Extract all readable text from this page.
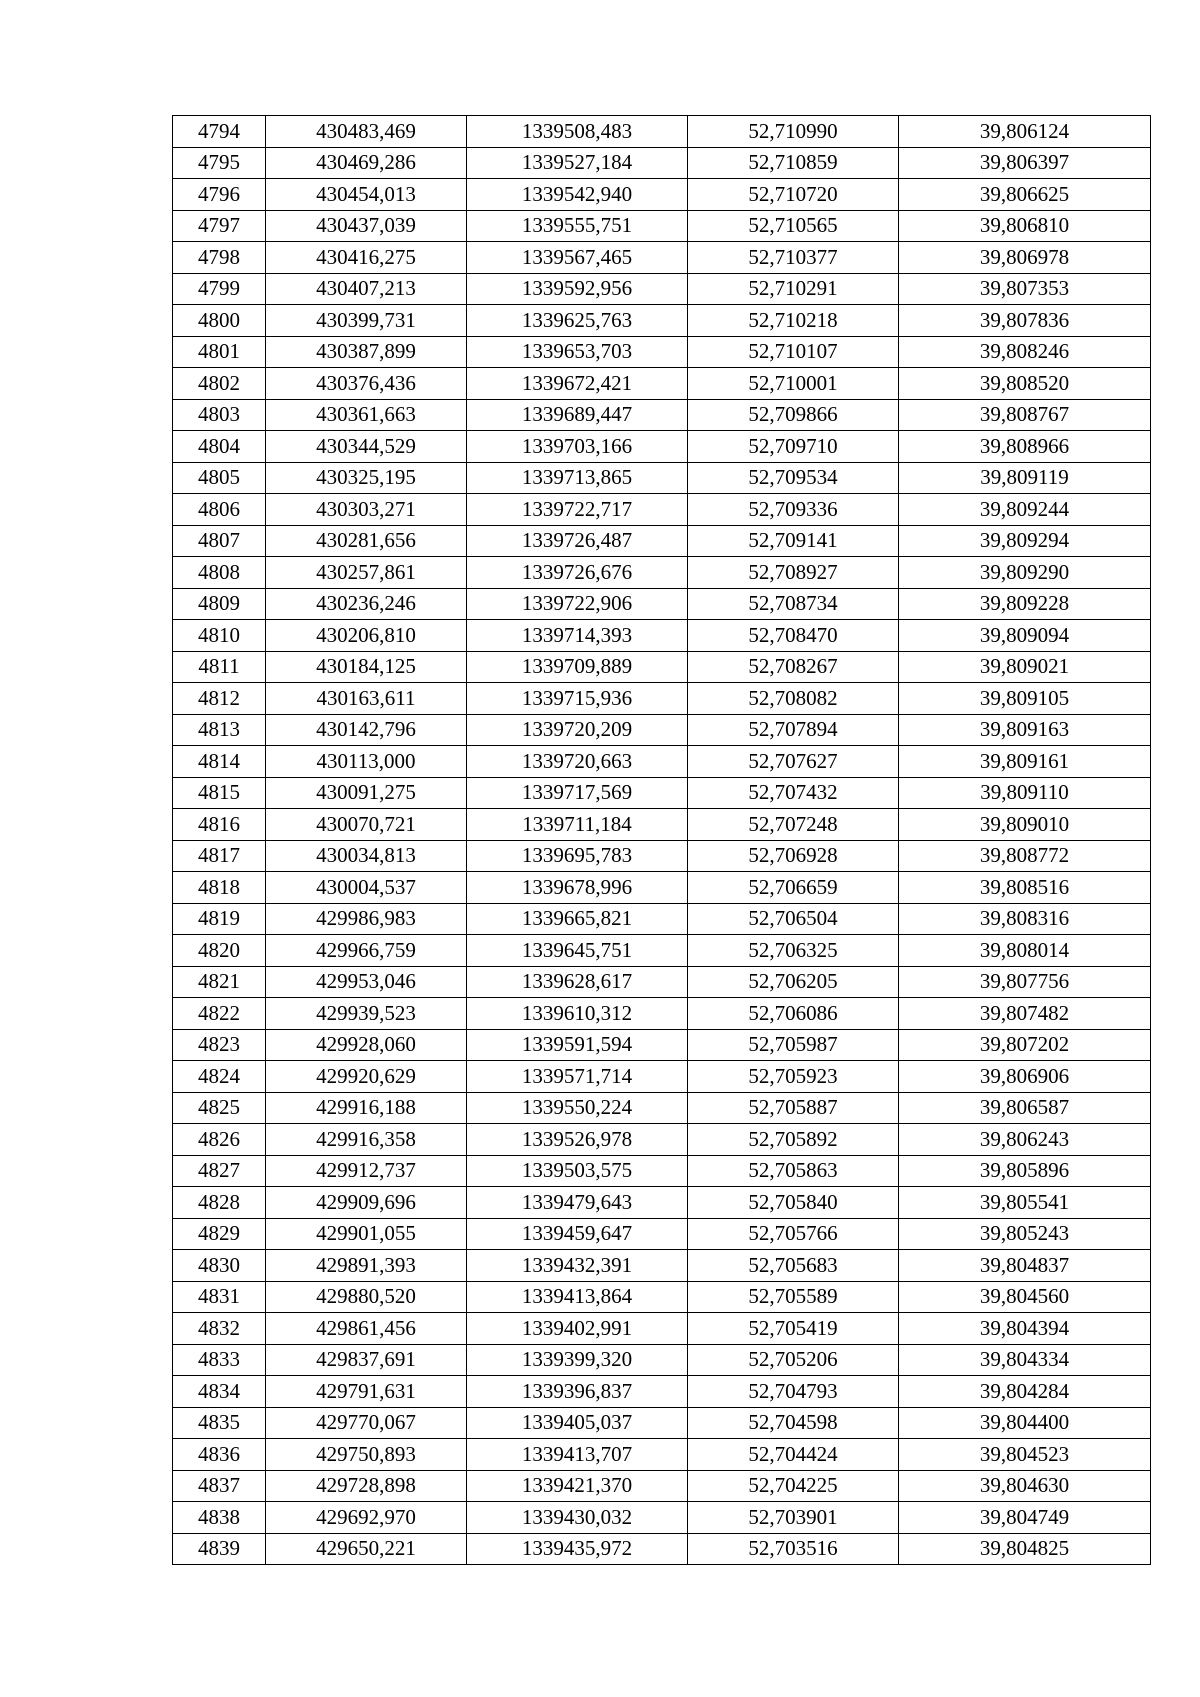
4794	430483,469	1339508,483	52,710990	39,806124
4795	430469,286	1339527,184	52,710859	39,806397
4796	430454,013	1339542,940	52,710720	39,806625
4797	430437,039	1339555,751	52,710565	39,806810
4798	430416,275	1339567,465	52,710377	39,806978
4799	430407,213	1339592,956	52,710291	39,807353
4800	430399,731	1339625,763	52,710218	39,807836
4801	430387,899	1339653,703	52,710107	39,808246
4802	430376,436	1339672,421	52,710001	39,808520
4803	430361,663	1339689,447	52,709866	39,808767
4804	430344,529	1339703,166	52,709710	39,808966
4805	430325,195	1339713,865	52,709534	39,809119
4806	430303,271	1339722,717	52,709336	39,809244
4807	430281,656	1339726,487	52,709141	39,809294
4808	430257,861	1339726,676	52,708927	39,809290
4809	430236,246	1339722,906	52,708734	39,809228
4810	430206,810	1339714,393	52,708470	39,809094
4811	430184,125	1339709,889	52,708267	39,809021
4812	430163,611	1339715,936	52,708082	39,809105
4813	430142,796	1339720,209	52,707894	39,809163
4814	430113,000	1339720,663	52,707627	39,809161
4815	430091,275	1339717,569	52,707432	39,809110
4816	430070,721	1339711,184	52,707248	39,809010
4817	430034,813	1339695,783	52,706928	39,808772
4818	430004,537	1339678,996	52,706659	39,808516
4819	429986,983	1339665,821	52,706504	39,808316
4820	429966,759	1339645,751	52,706325	39,808014
4821	429953,046	1339628,617	52,706205	39,807756
4822	429939,523	1339610,312	52,706086	39,807482
4823	429928,060	1339591,594	52,705987	39,807202
4824	429920,629	1339571,714	52,705923	39,806906
4825	429916,188	1339550,224	52,705887	39,806587
4826	429916,358	1339526,978	52,705892	39,806243
4827	429912,737	1339503,575	52,705863	39,805896
4828	429909,696	1339479,643	52,705840	39,805541
4829	429901,055	1339459,647	52,705766	39,805243
4830	429891,393	1339432,391	52,705683	39,804837
4831	429880,520	1339413,864	52,705589	39,804560
4832	429861,456	1339402,991	52,705419	39,804394
4833	429837,691	1339399,320	52,705206	39,804334
4834	429791,631	1339396,837	52,704793	39,804284
4835	429770,067	1339405,037	52,704598	39,804400
4836	429750,893	1339413,707	52,704424	39,804523
4837	429728,898	1339421,370	52,704225	39,804630
4838	429692,970	1339430,032	52,703901	39,804749
4839	429650,221	1339435,972	52,703516	39,804825
